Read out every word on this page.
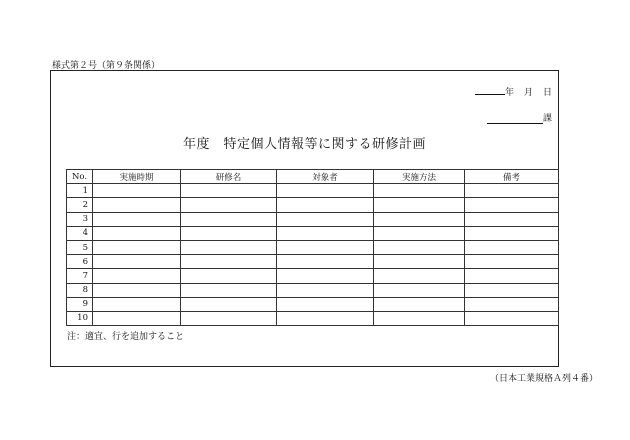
様式第２号（第９条関係）
年 月 日
課
年度　特定個人情報等に関する研修計画
No.	実施時期	研修名	対象者	実施方法	備考
1					
2					
3					
4					
5					
6					
7					
8					
9					
10					
注：適宜、行を追加すること
（日本工業規格Ａ列４番）
